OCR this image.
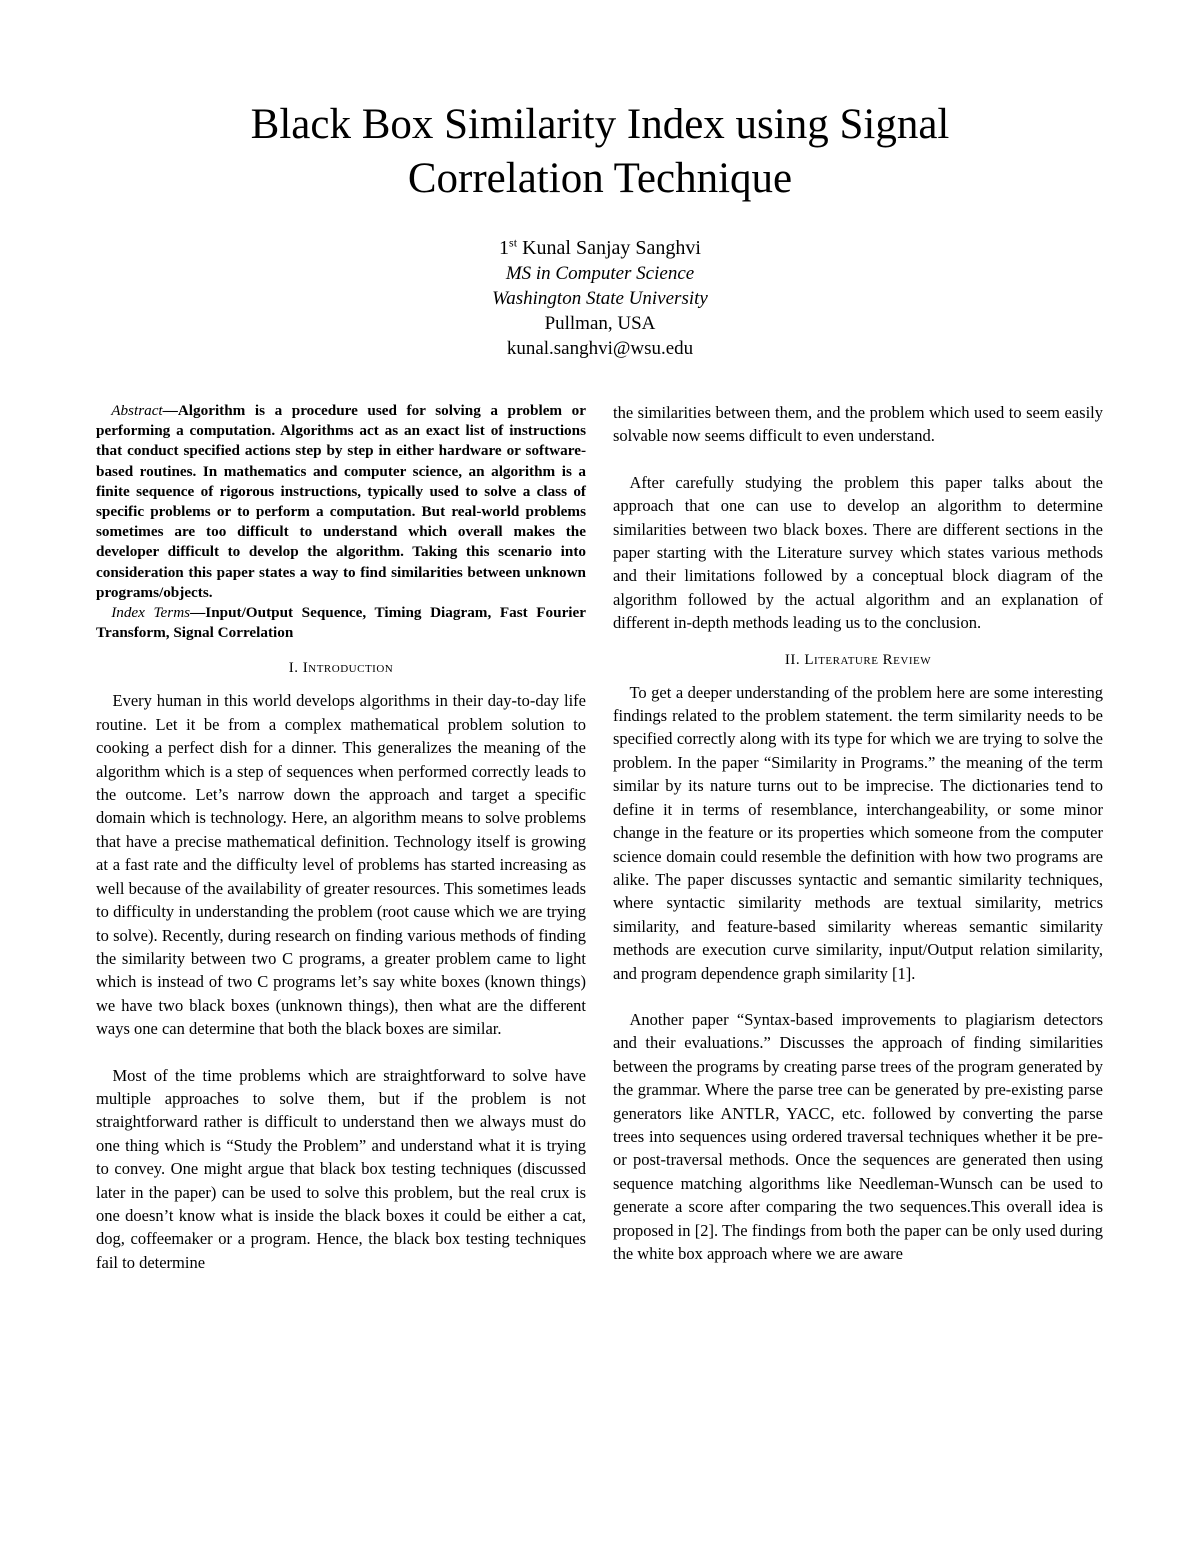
Black Box Similarity Index using Signal
Correlation Technique
1st Kunal Sanjay Sanghvi
MS in Computer Science
Washington State University
Pullman, USA
kunal.sanghvi@wsu.edu

Abstract—Algorithm is a procedure used for solving a problem or performing a computation. Algorithms act as an exact list of instructions that conduct specified actions step by step in either hardware or software-based routines. In mathematics and computer science, an algorithm is a finite sequence of rigorous instructions, typically used to solve a class of specific problems or to perform a computation. But real-world problems sometimes are too difficult to understand which overall makes the developer difficult to develop the algorithm. Taking this scenario into consideration this paper states a way to find similarities between unknown programs/objects.

Index Terms—Input/Output Sequence, Timing Diagram, Fast Fourier Transform, Signal Correlation

I. Introduction

Every human in this world develops algorithms in their day-to-day life routine. Let it be from a complex mathematical problem solution to cooking a perfect dish for a dinner. This generalizes the meaning of the algorithm which is a step of sequences when performed correctly leads to the outcome. Let’s narrow down the approach and target a specific domain which is technology. Here, an algorithm means to solve problems that have a precise mathematical definition. Technology itself is growing at a fast rate and the difficulty level of problems has started increasing as well because of the availability of greater resources. This sometimes leads to difficulty in understanding the problem (root cause which we are trying to solve). Recently, during research on finding various methods of finding the similarity between two C programs, a greater problem came to light which is instead of two C programs let’s say white boxes (known things) we have two black boxes (unknown things), then what are the different ways one can determine that both the black boxes are similar.

Most of the time problems which are straightforward to solve have multiple approaches to solve them, but if the problem is not straightforward rather is difficult to understand then we always must do one thing which is “Study the Problem” and understand what it is trying to convey. One might argue that black box testing techniques (discussed later in the paper) can be used to solve this problem, but the real crux is one doesn’t know what is inside the black boxes it could be either a cat, dog, coffeemaker or a program. Hence, the black box testing techniques fail to determine

the similarities between them, and the problem which used to seem easily solvable now seems difficult to even understand.

After carefully studying the problem this paper talks about the approach that one can use to develop an algorithm to determine similarities between two black boxes. There are different sections in the paper starting with the Literature survey which states various methods and their limitations followed by a conceptual block diagram of the algorithm followed by the actual algorithm and an explanation of different in-depth methods leading us to the conclusion.

II. Literature Review

To get a deeper understanding of the problem here are some interesting findings related to the problem statement. the term similarity needs to be specified correctly along with its type for which we are trying to solve the problem. In the paper “Similarity in Programs.” the meaning of the term similar by its nature turns out to be imprecise. The dictionaries tend to define it in terms of resemblance, interchangeability, or some minor change in the feature or its properties which someone from the computer science domain could resemble the definition with how two programs are alike. The paper discusses syntactic and semantic similarity techniques, where syntactic similarity methods are textual similarity, metrics similarity, and feature-based similarity whereas semantic similarity methods are execution curve similarity, input/Output relation similarity, and program dependence graph similarity [1].

Another paper “Syntax-based improvements to plagiarism detectors and their evaluations.” Discusses the approach of finding similarities between the programs by creating parse trees of the program generated by the grammar. Where the parse tree can be generated by pre-existing parse generators like ANTLR, YACC, etc. followed by converting the parse trees into sequences using ordered traversal techniques whether it be pre- or post-traversal methods. Once the sequences are generated then using sequence matching algorithms like Needleman-Wunsch can be used to generate a score after comparing the two sequences.This overall idea is proposed in [2]. The findings from both the paper can be only used during the white box approach where we are aware
